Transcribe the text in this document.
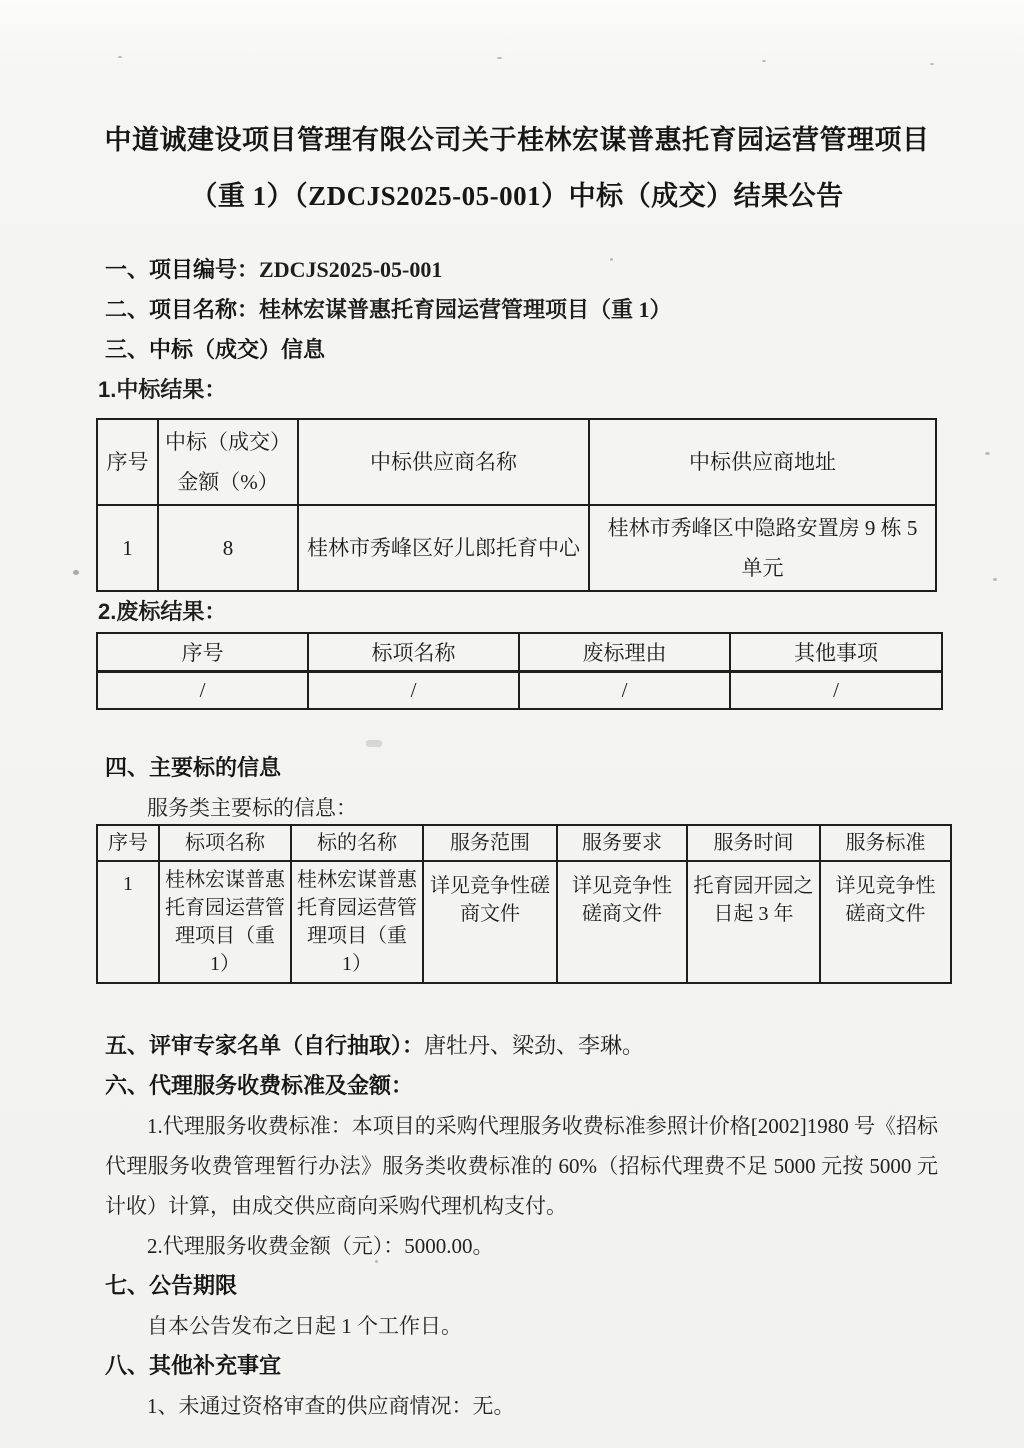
中道诚建设项目管理有限公司关于桂林宏谋普惠托育园运营管理项目
（重 1）（ZDCJS2025-05-001）中标（成交）结果公告
一、项目编号：ZDCJS2025-05-001
二、项目名称：桂林宏谋普惠托育园运营管理项目（重 1）
三、中标（成交）信息
1.中标结果：
序号	中标（成交）金额（%）	中标供应商名称	中标供应商地址
1	8	桂林市秀峰区好儿郎托育中心	桂林市秀峰区中隐路安置房 9 栋 5 单元
2.废标结果：
序号	标项名称	废标理由	其他事项
/	/	/	/
四、主要标的信息
服务类主要标的信息：
序号	标项名称	标的名称	服务范围	服务要求	服务时间	服务标准
1	桂林宏谋普惠托育园运营管理项目（重 1）	桂林宏谋普惠托育园运营管理项目（重 1）	详见竞争性磋商文件	详见竞争性磋商文件	托育园开园之日起 3 年	详见竞争性磋商文件
五、评审专家名单（自行抽取）：唐牡丹、梁劲、李琳。
六、代理服务收费标准及金额：
1.代理服务收费标准：本项目的采购代理服务收费标准参照计价格[2002]1980 号《招标代理服务收费管理暂行办法》服务类收费标准的 60%（招标代理费不足 5000 元按 5000 元计收）计算，由成交供应商向采购代理机构支付。
2.代理服务收费金额（元）：5000.00。
七、公告期限
自本公告发布之日起 1 个工作日。
八、其他补充事宜
1、未通过资格审查的供应商情况：无。
